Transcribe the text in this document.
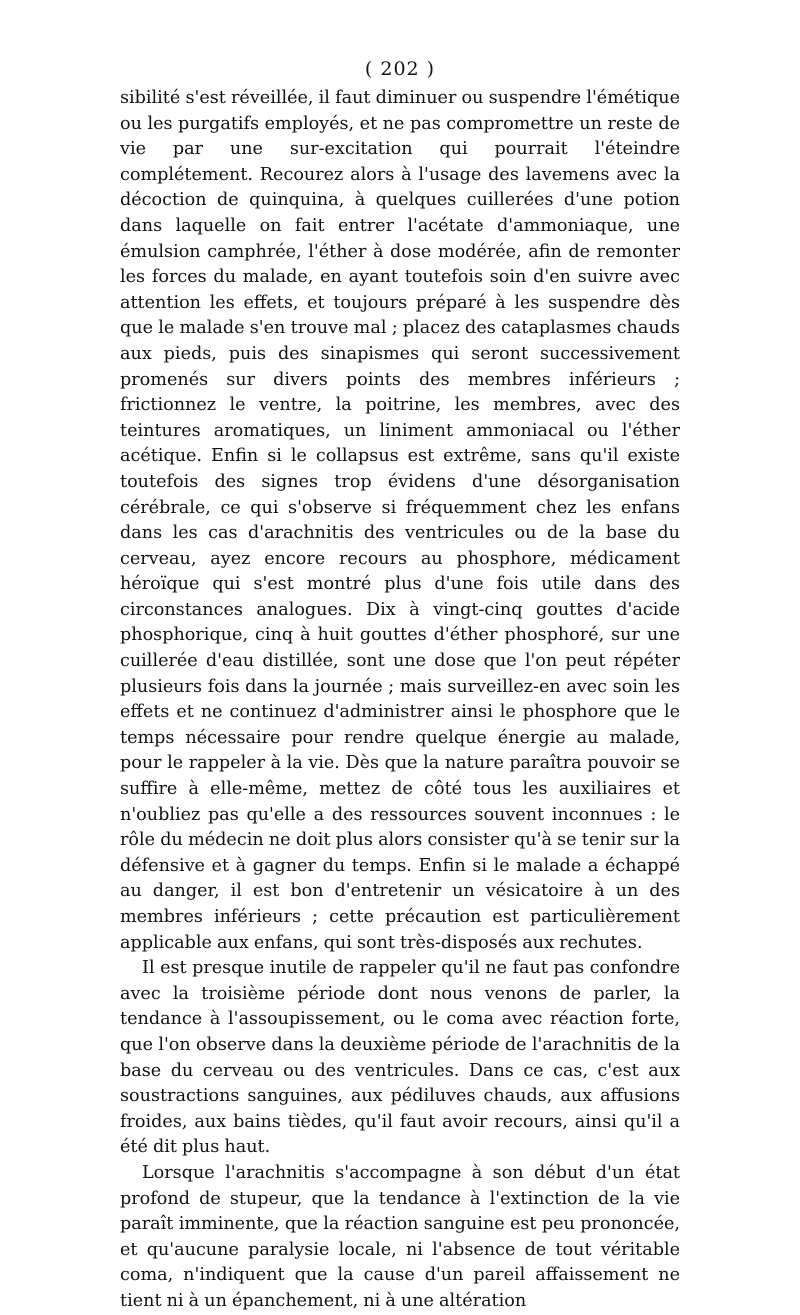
( 202 )

sibilité s'est réveillée, il faut diminuer ou suspendre l'émétique ou les purgatifs employés, et ne pas compromettre un reste de vie par une sur-excitation qui pourrait l'éteindre complétement. Recourez alors à l'usage des lavemens avec la décoction de quinquina, à quelques cuillerées d'une potion dans laquelle on fait entrer l'acétate d'ammoniaque, une émulsion camphrée, l'éther à dose modérée, afin de remonter les forces du malade, en ayant toutefois soin d'en suivre avec attention les effets, et toujours préparé à les suspendre dès que le malade s'en trouve mal ; placez des cataplasmes chauds aux pieds, puis des sinapismes qui seront successivement promenés sur divers points des membres inférieurs ; frictionnez le ventre, la poitrine, les membres, avec des teintures aromatiques, un liniment ammoniacal ou l'éther acétique. Enfin si le collapsus est extrême, sans qu'il existe toutefois des signes trop évidens d'une désorganisation cérébrale, ce qui s'observe si fréquemment chez les enfans dans les cas d'arachnitis des ventricules ou de la base du cerveau, ayez encore recours au phosphore, médicament héroïque qui s'est montré plus d'une fois utile dans des circonstances analogues. Dix à vingt-cinq gouttes d'acide phosphorique, cinq à huit gouttes d'éther phosphoré, sur une cuillerée d'eau distillée, sont une dose que l'on peut répéter plusieurs fois dans la journée ; mais surveillez-en avec soin les effets et ne continuez d'administrer ainsi le phosphore que le temps nécessaire pour rendre quelque énergie au malade, pour le rappeler à la vie. Dès que la nature paraîtra pouvoir se suffire à elle-même, mettez de côté tous les auxiliaires et n'oubliez pas qu'elle a des ressources souvent inconnues : le rôle du médecin ne doit plus alors consister qu'à se tenir sur la défensive et à gagner du temps. Enfin si le malade a échappé au danger, il est bon d'entretenir un vésicatoire à un des membres inférieurs ; cette précaution est particulièrement applicable aux enfans, qui sont très-disposés aux rechutes.

Il est presque inutile de rappeler qu'il ne faut pas confondre avec la troisième période dont nous venons de parler, la tendance à l'assoupissement, ou le coma avec réaction forte, que l'on observe dans la deuxième période de l'arachnitis de la base du cerveau ou des ventricules. Dans ce cas, c'est aux soustractions sanguines, aux pédiluves chauds, aux affusions froides, aux bains tièdes, qu'il faut avoir recours, ainsi qu'il a été dit plus haut.

Lorsque l'arachnitis s'accompagne à son début d'un état profond de stupeur, que la tendance à l'extinction de la vie paraît imminente, que la réaction sanguine est peu prononcée, et qu'aucune paralysie locale, ni l'absence de tout véritable coma, n'indiquent que la cause d'un pareil affaissement ne tient ni à un épanchement, ni à une altération
